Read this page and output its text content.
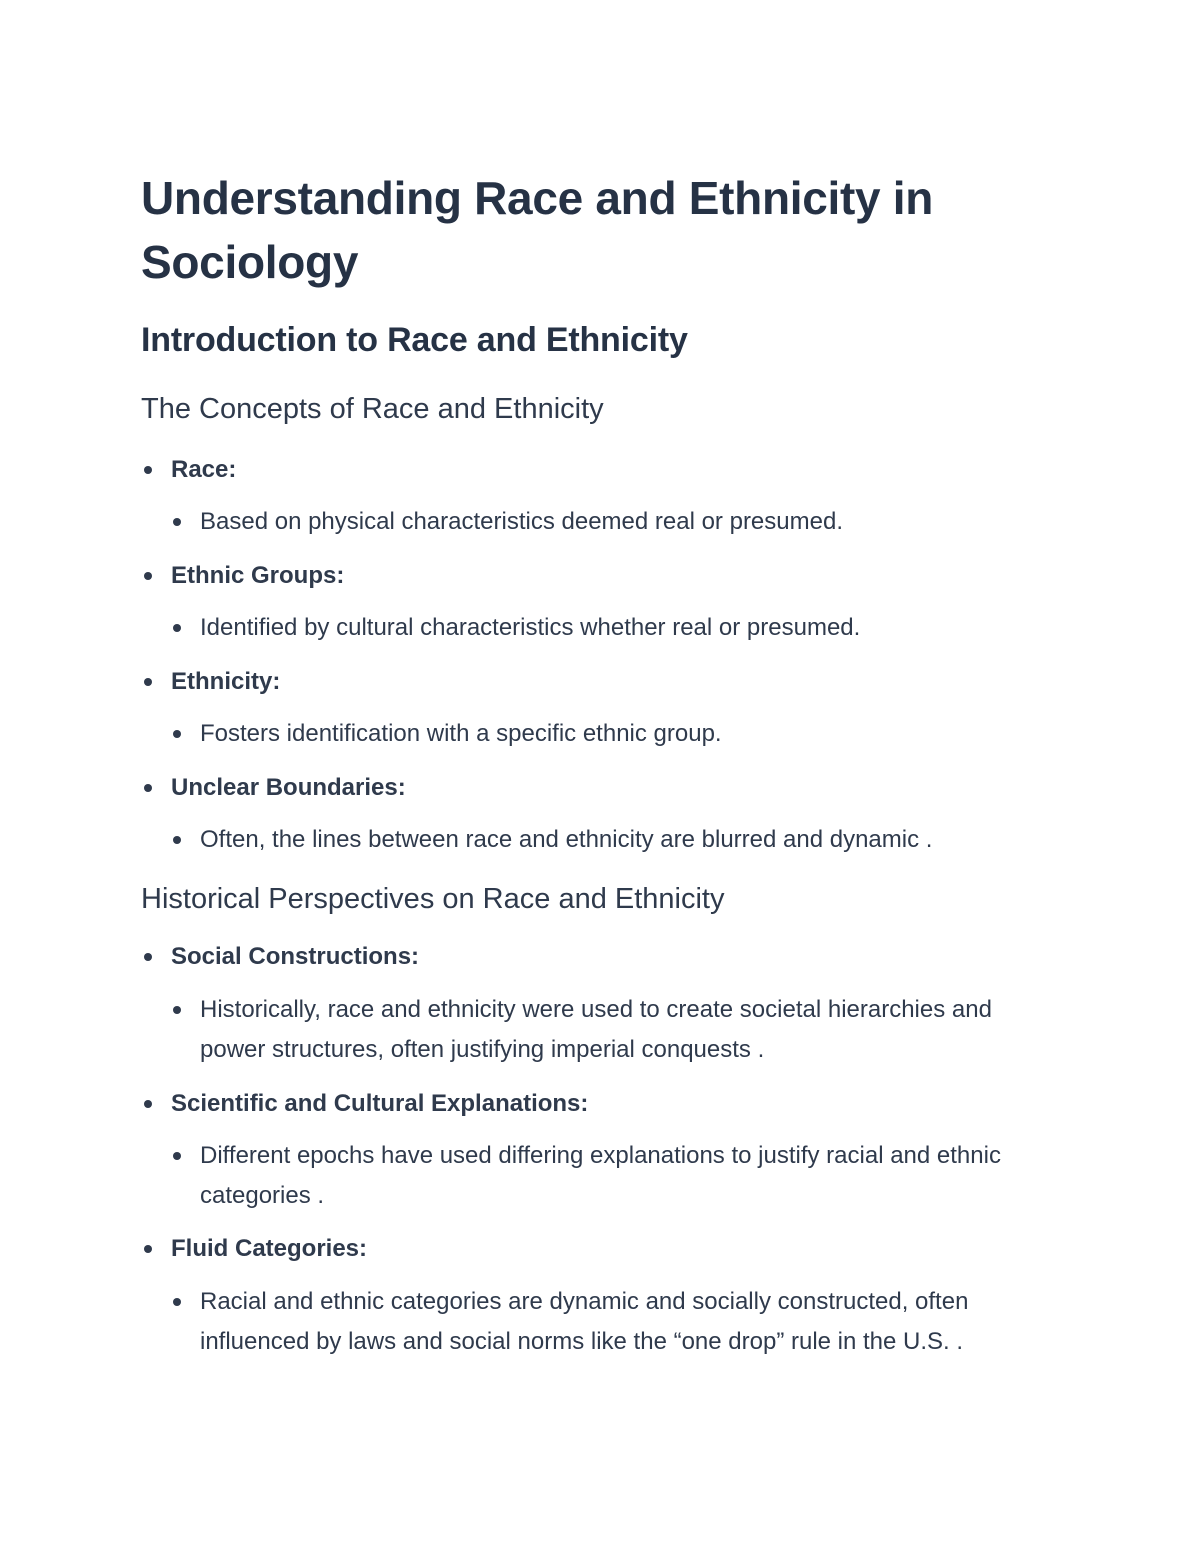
Understanding Race and Ethnicity in Sociology
Introduction to Race and Ethnicity
The Concepts of Race and Ethnicity
Race:
Based on physical characteristics deemed real or presumed.
Ethnic Groups:
Identified by cultural characteristics whether real or presumed.
Ethnicity:
Fosters identification with a specific ethnic group.
Unclear Boundaries:
Often, the lines between race and ethnicity are blurred and dynamic .
Historical Perspectives on Race and Ethnicity
Social Constructions:
Historically, race and ethnicity were used to create societal hierarchies and power structures, often justifying imperial conquests .
Scientific and Cultural Explanations:
Different epochs have used differing explanations to justify racial and ethnic categories .
Fluid Categories:
Racial and ethnic categories are dynamic and socially constructed, often influenced by laws and social norms like the “one drop” rule in the U.S. .
